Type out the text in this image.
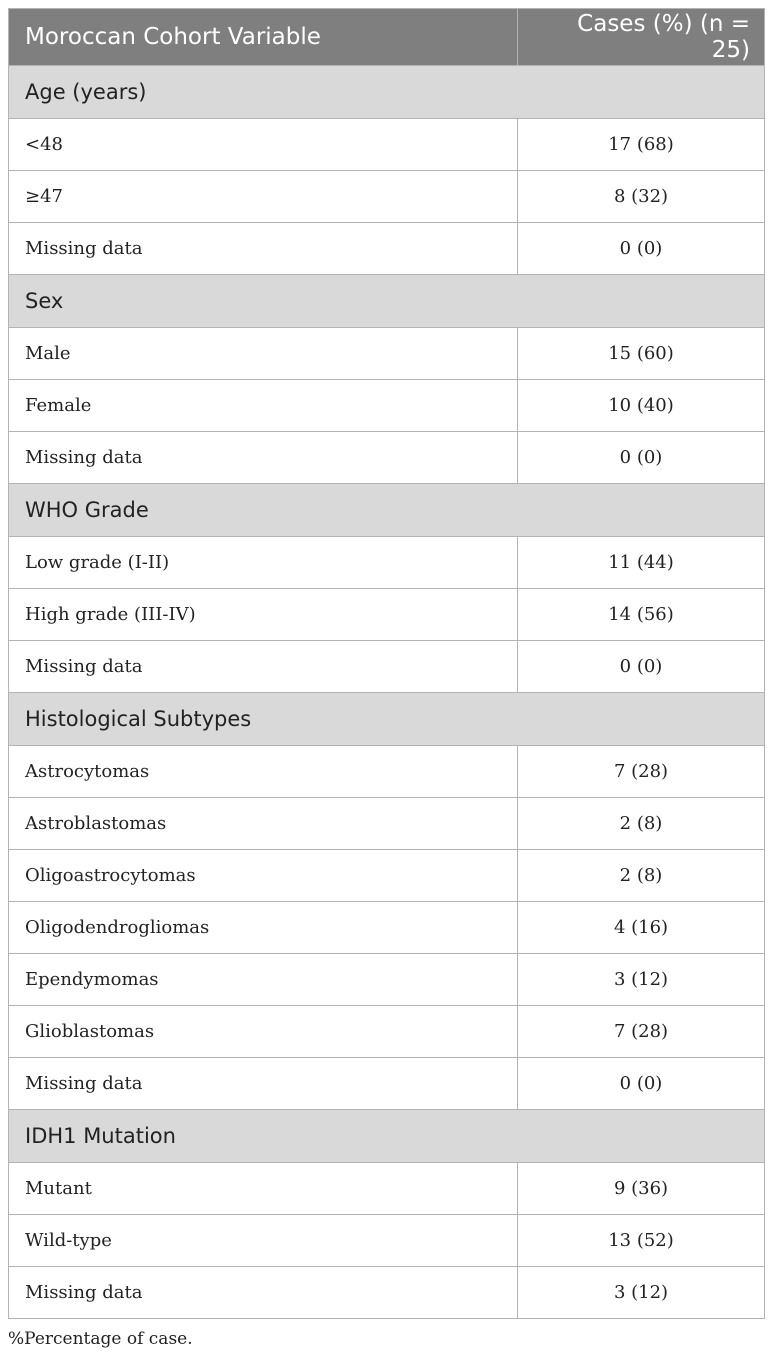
Moroccan Cohort Variable	Cases (%) (n = 25)
Age (years)	
<48	17 (68)
≥47	8 (32)
Missing data	0 (0)
Sex	
Male	15 (60)
Female	10 (40)
Missing data	0 (0)
WHO Grade	
Low grade (I-II)	11 (44)
High grade (III-IV)	14 (56)
Missing data	0 (0)
Histological Subtypes	
Astrocytomas	7 (28)
Astroblastomas	2 (8)
Oligoastrocytomas	2 (8)
Oligodendrogliomas	4 (16)
Ependymomas	3 (12)
Glioblastomas	7 (28)
Missing data	0 (0)
IDH1 Mutation	
Mutant	9 (36)
Wild-type	13 (52)
Missing data	3 (12)
%Percentage of case.
